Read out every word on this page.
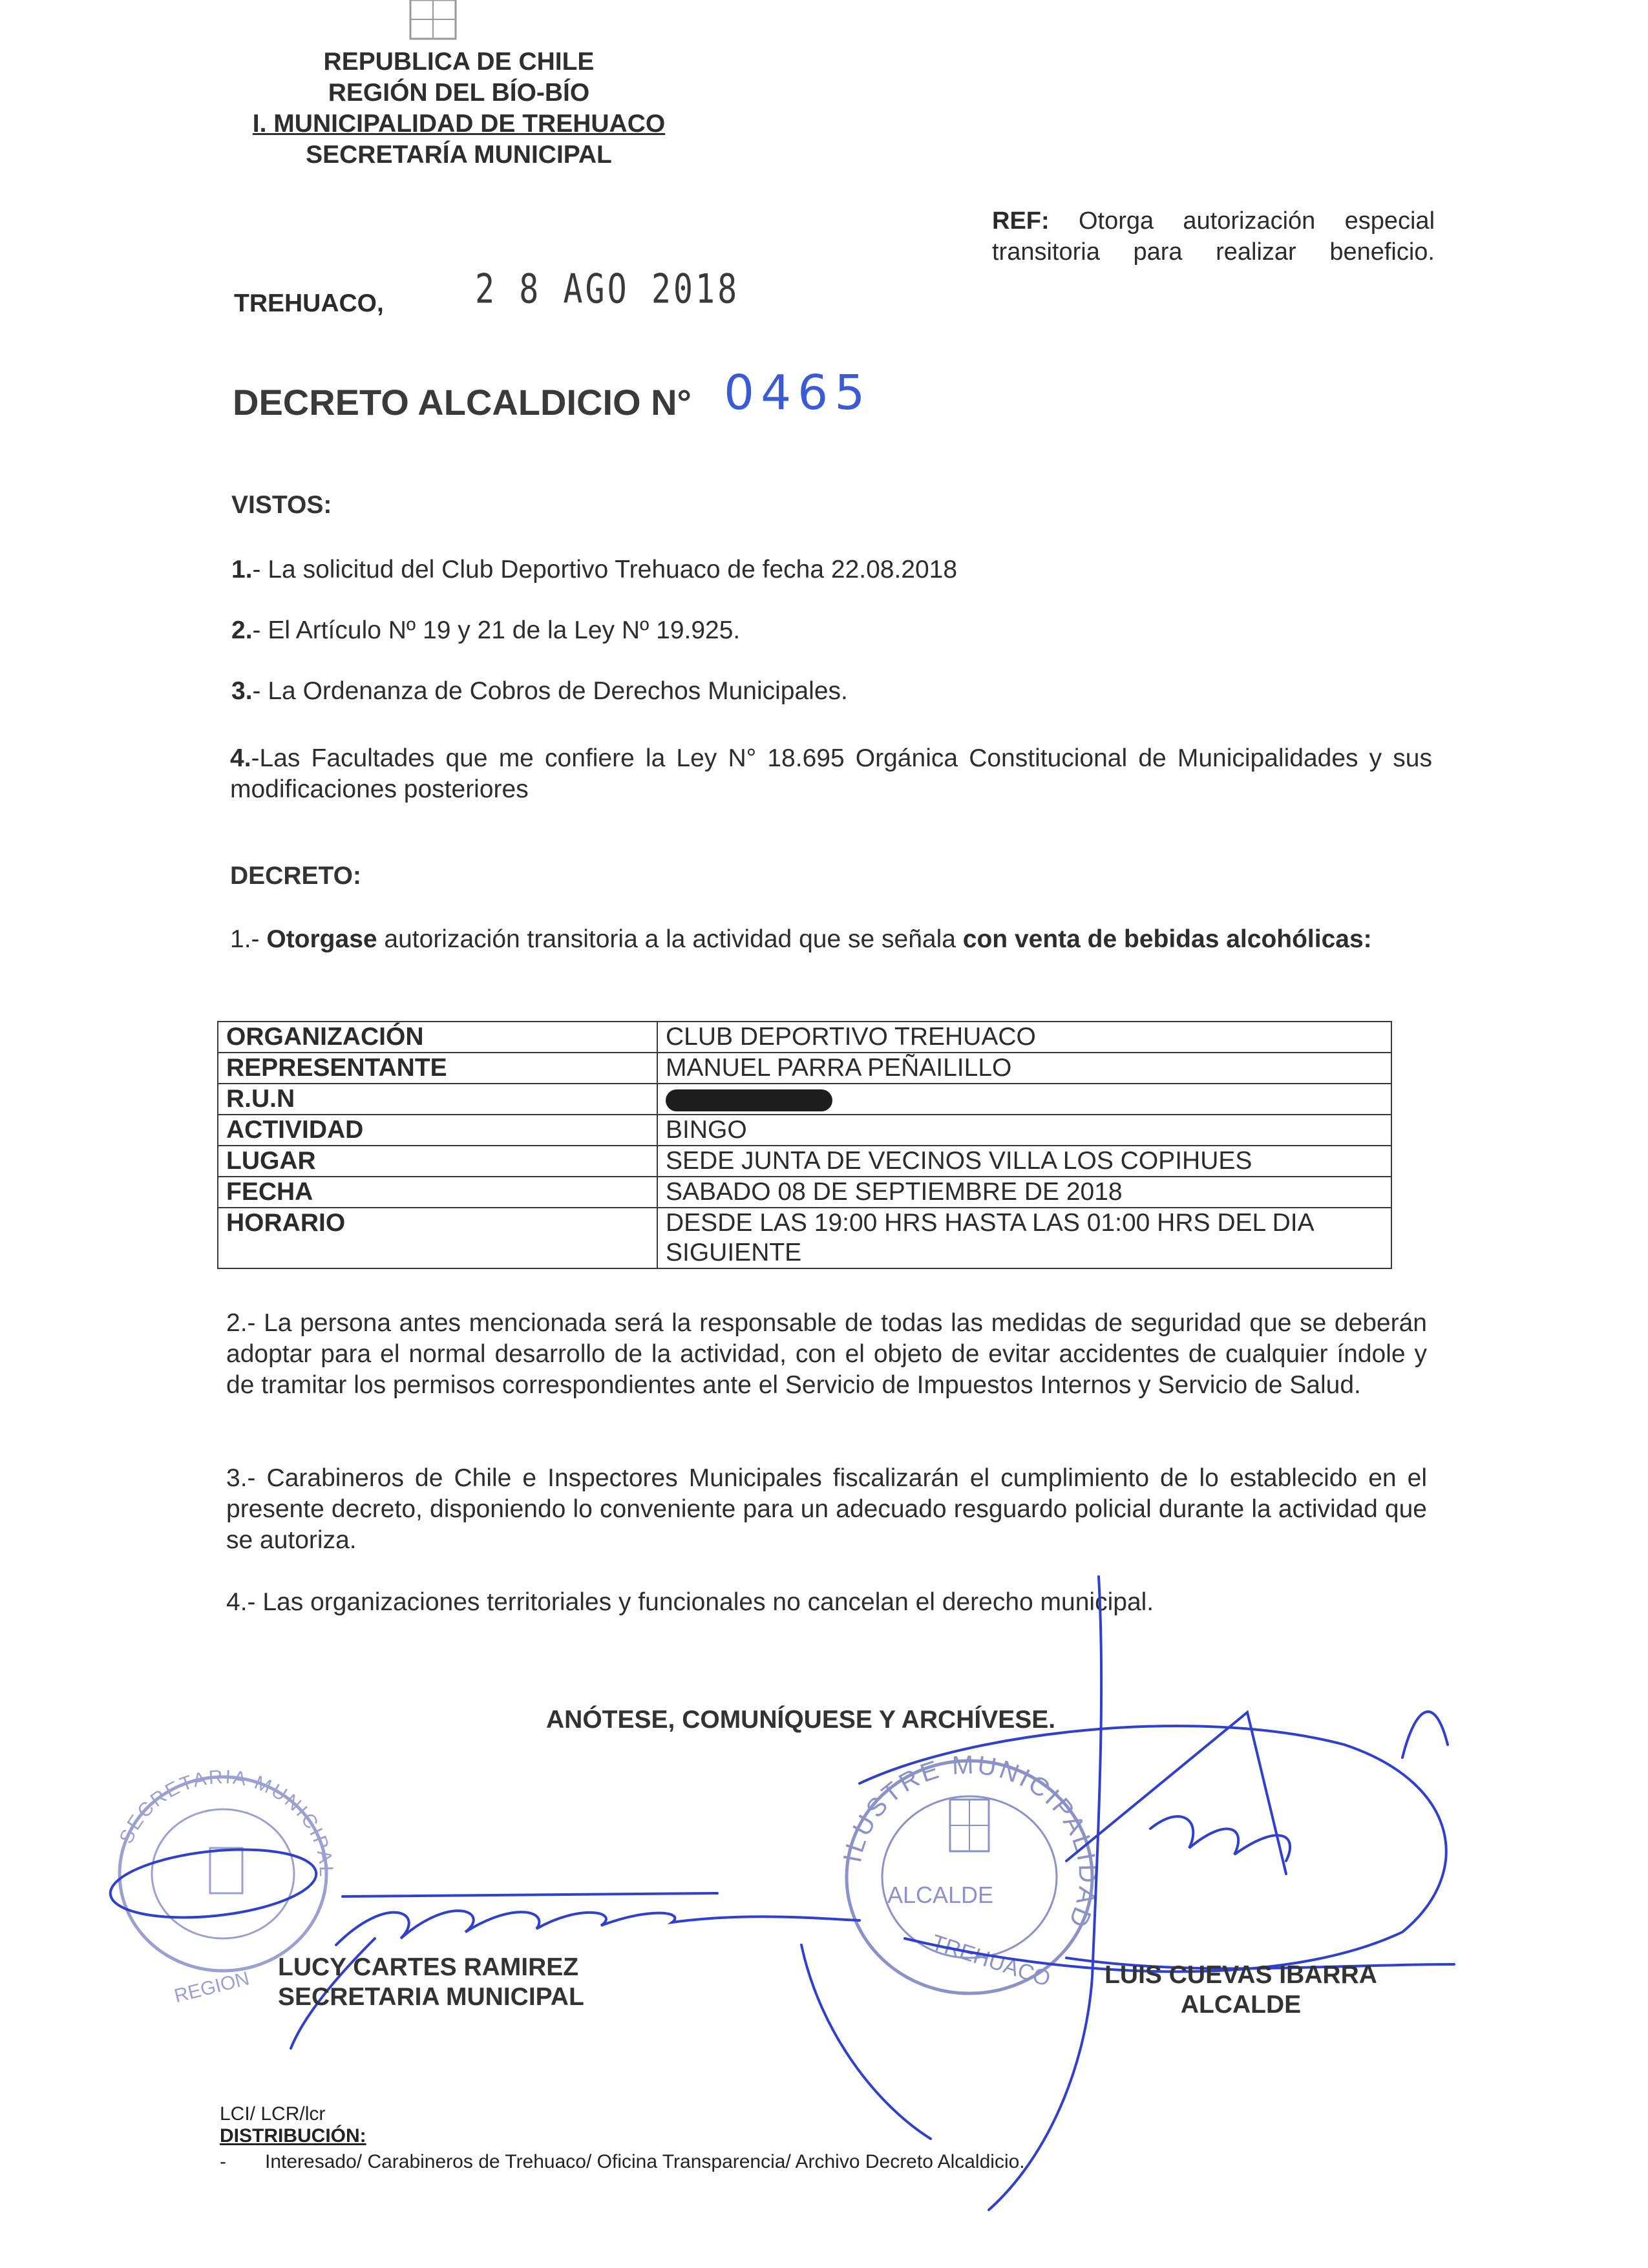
REPUBLICA DE CHILE
REGIÓN DEL BÍO-BÍO
I. MUNICIPALIDAD DE TREHUACO
SECRETARÍA MUNICIPAL
REF: Otorga autorización especial transitoria para realizar beneficio.
TREHUACO,	2 8 AGO 2018
DECRETO ALCALDICIO N° 0465
VISTOS:
1.- La solicitud del Club Deportivo Trehuaco de fecha 22.08.2018
2.- El Artículo Nº 19 y 21 de la Ley Nº 19.925.
3.- La Ordenanza de Cobros de Derechos Municipales.
4.-Las Facultades que me confiere la Ley N° 18.695 Orgánica Constitucional de Municipalidades y sus modificaciones posteriores
DECRETO:
1.- Otorgase autorización transitoria a la actividad que se señala con venta de bebidas alcohólicas:
ORGANIZACIÓN	CLUB DEPORTIVO TREHUACO
REPRESENTANTE	MANUEL PARRA PEÑAILILLO
R.U.N	
ACTIVIDAD	BINGO
LUGAR	SEDE JUNTA DE VECINOS VILLA LOS COPIHUES
FECHA	SABADO 08 DE SEPTIEMBRE DE 2018
HORARIO	DESDE LAS 19:00 HRS HASTA LAS 01:00 HRS DEL DIA SIGUIENTE
2.- La persona antes mencionada será la responsable de todas las medidas de seguridad que se deberán adoptar para el normal desarrollo de la actividad, con el objeto de evitar accidentes de cualquier índole y de tramitar los permisos correspondientes ante el Servicio de Impuestos Internos y Servicio de Salud.
3.- Carabineros de Chile e Inspectores Municipales fiscalizarán el cumplimiento de lo establecido en el presente decreto, disponiendo lo conveniente para un adecuado resguardo policial durante la actividad que se autoriza.
4.- Las organizaciones territoriales y funcionales no cancelan el derecho municipal.
ANÓTESE, COMUNÍQUESE Y ARCHÍVESE.
ILUSTRE MUNICIPALIDAD
ALCALDE
TREHUACO
SECRETARIA MUNICIPAL
REGION
LUCY CARTES RAMIREZ
SECRETARIA MUNICIPAL
LUIS CUEVAS IBARRA
ALCALDE
LCI/ LCR/lcr
DISTRIBUCIÓN:
- Interesado/ Carabineros de Trehuaco/ Oficina Transparencia/ Archivo Decreto Alcaldicio.
